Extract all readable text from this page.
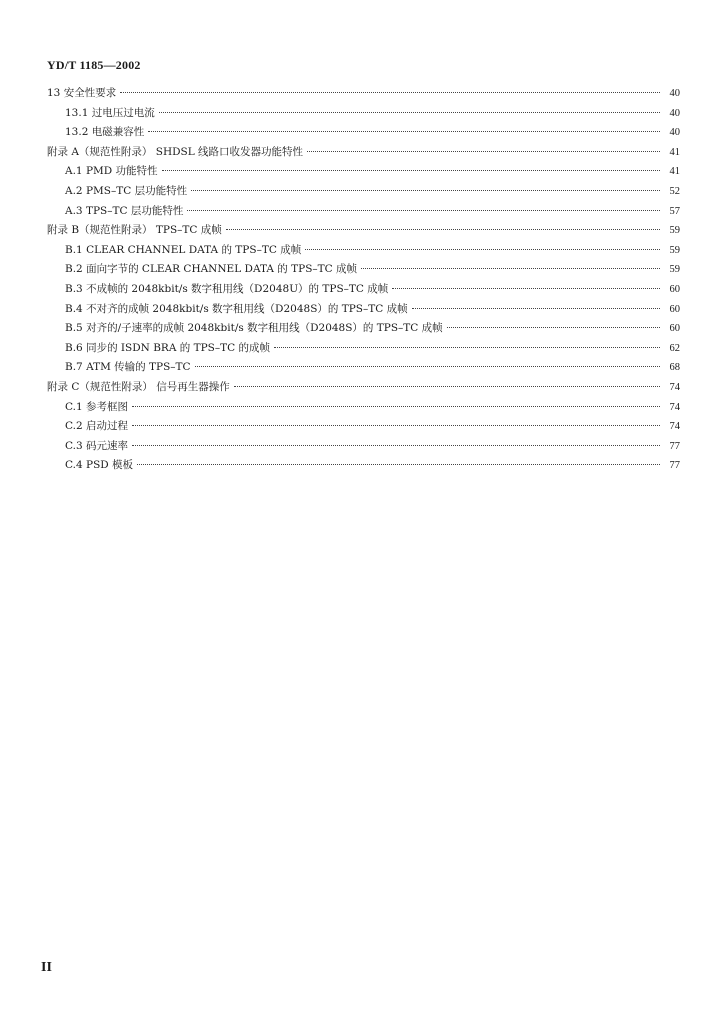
YD/T 1185—2002
13 安全性要求	40
13.1 过电压过电流	40
13.2 电磁兼容性	40
附录 A（规范性附录） SHDSL 线路口收发器功能特性	41
A.1 PMD 功能特性	41
A.2 PMS–TC 层功能特性	52
A.3 TPS–TC 层功能特性	57
附录 B（规范性附录） TPS–TC 成帧	59
B.1 CLEAR CHANNEL DATA 的 TPS–TC 成帧	59
B.2 面向字节的 CLEAR CHANNEL DATA 的 TPS–TC 成帧	59
B.3 不成帧的 2048kbit/s 数字租用线（D2048U）的 TPS–TC 成帧	60
B.4 不对齐的成帧 2048kbit/s 数字租用线（D2048S）的 TPS–TC 成帧	60
B.5 对齐的/子速率的成帧 2048kbit/s 数字租用线（D2048S）的 TPS–TC 成帧	60
B.6 同步的 ISDN BRA 的 TPS–TC 的成帧	62
B.7 ATM 传输的 TPS–TC	68
附录 C（规范性附录） 信号再生器操作	74
C.1 参考框图	74
C.2 启动过程	74
C.3 码元速率	77
C.4 PSD 模板	77
II
